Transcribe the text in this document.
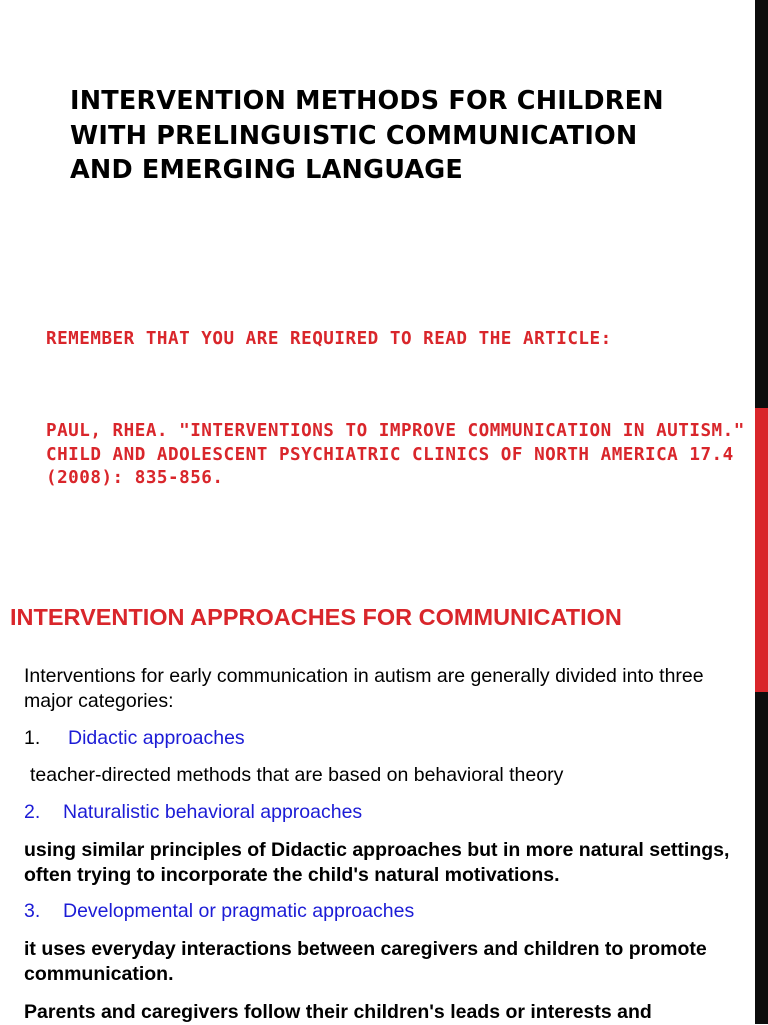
INTERVENTION METHODS FOR CHILDREN WITH PRELINGUISTIC COMMUNICATION AND EMERGING LANGUAGE

REMEMBER THAT YOU ARE REQUIRED TO READ THE ARTICLE:

PAUL, RHEA. "INTERVENTIONS TO IMPROVE COMMUNICATION IN AUTISM." CHILD AND ADOLESCENT PSYCHIATRIC CLINICS OF NORTH AMERICA 17.4 (2008): 835-856.

INTERVENTION APPROACHES FOR COMMUNICATION

Interventions for early communication in autism are generally divided into three major categories:

1. Didactic approaches

teacher-directed methods that are based on behavioral theory

2. Naturalistic behavioral approaches

using similar principles of Didactic approaches but in more natural settings, often trying to incorporate the child's natural motivations.

3. Developmental or pragmatic approaches

it uses everyday interactions between caregivers and children to promote communication.

Parents and caregivers follow their children's leads or interests and
